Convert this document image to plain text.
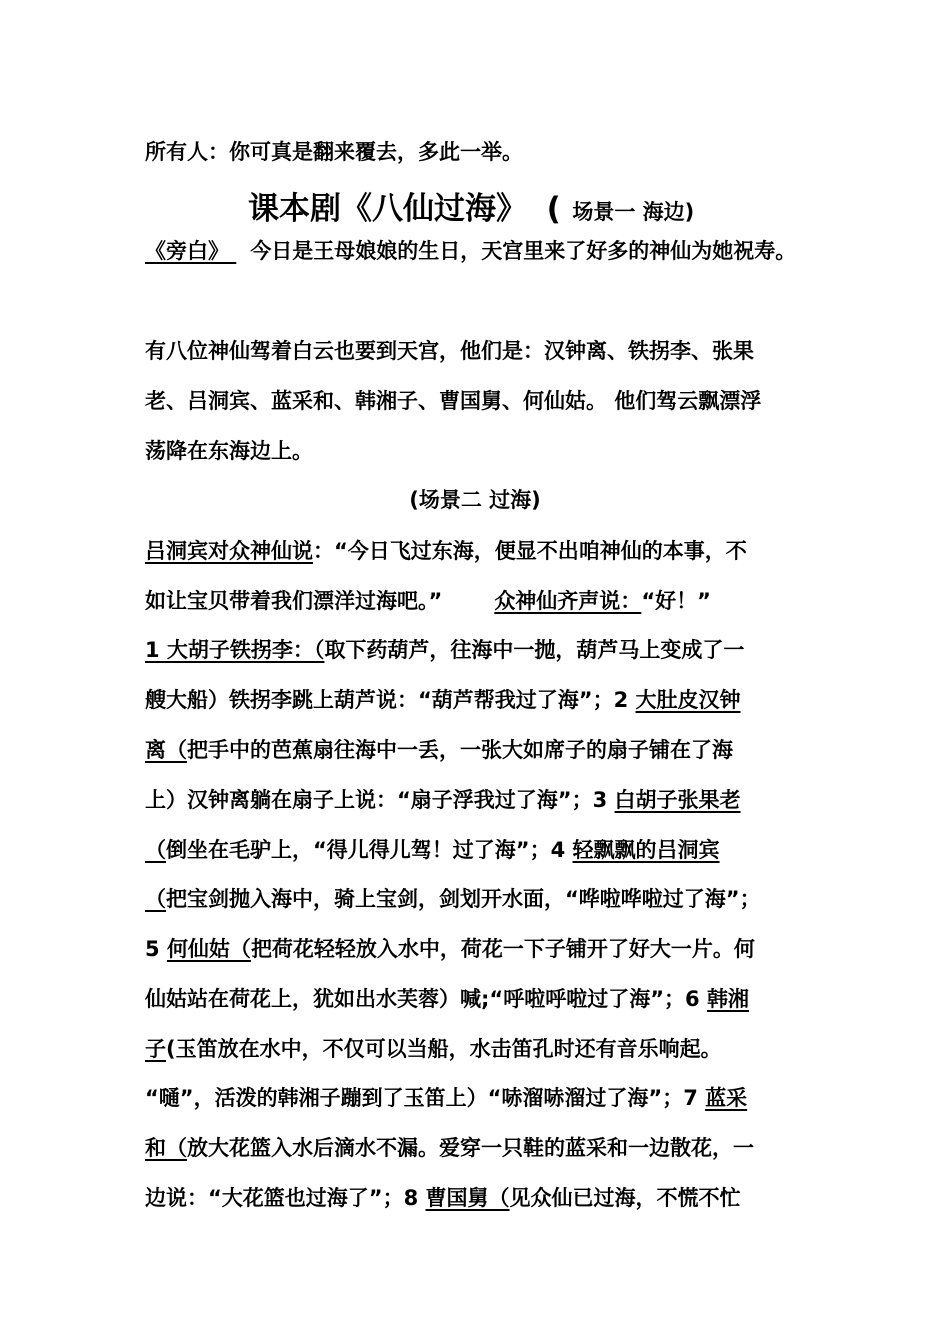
所有人：你可真是翻来覆去，多此一举。
课本剧《八仙过海》 ( 场景一 海边)
《旁白》 今日是王母娘娘的生日，天宫里来了好多的神仙为她祝寿。
有八位神仙驾着白云也要到天宫，他们是：汉钟离、铁拐李、张果
老、吕洞宾、蓝采和、韩湘子、曹国舅、何仙姑。 他们驾云飘漂浮
荡降在东海边上。
(场景二 过海)
吕洞宾对众神仙说：“今日飞过东海，便显不出咱神仙的本事，不
如让宝贝带着我们漂洋过海吧。” 众神仙齐声说：“好！”
1 大胡子铁拐李：（取下药葫芦，往海中一抛，葫芦马上变成了一
艘大船）铁拐李跳上葫芦说：“葫芦帮我过了海”；2 大肚皮汉钟
离（把手中的芭蕉扇往海中一丢，一张大如席子的扇子铺在了海
上）汉钟离躺在扇子上说：“扇子浮我过了海”；3 白胡子张果老
（倒坐在毛驴上，“得儿得儿驾！过了海”；4 轻飘飘的吕洞宾
（把宝剑抛入海中，骑上宝剑，剑划开水面，“哗啦哗啦过了海”；
5 何仙姑（把荷花轻轻放入水中，荷花一下子铺开了好大一片。何
仙姑站在荷花上，犹如出水芙蓉）喊;“呼啦呼啦过了海”；6 韩湘
子(玉笛放在水中，不仅可以当船，水击笛孔时还有音乐响起。
“嗵”，活泼的韩湘子蹦到了玉笛上）“哧溜哧溜过了海”；7 蓝采
和（放大花篮入水后滴水不漏。爱穿一只鞋的蓝采和一边散花，一
边说：“大花篮也过海了”；8 曹国舅（见众仙已过海，不慌不忙
